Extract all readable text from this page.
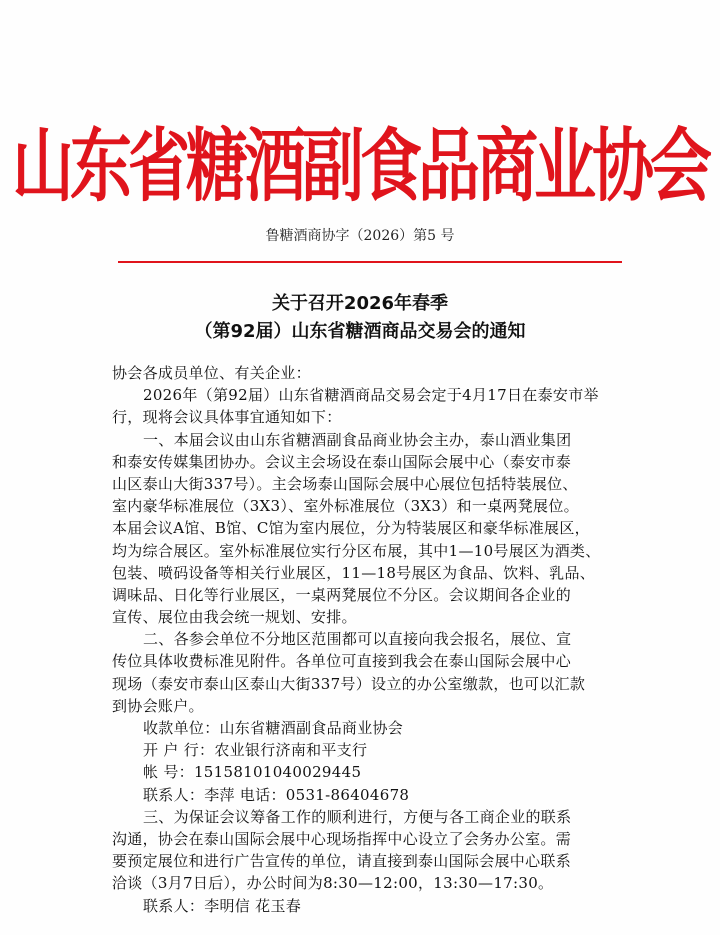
山东省糖酒副食品商业协会
鲁糖酒商协字（2026）第5 号
关于召开2026年春季
（第92届）山东省糖酒商品交易会的通知
协会各成员单位、有关企业：
2026年（第92届）山东省糖酒商品交易会定于4月17日在泰安市举
行，现将会议具体事宜通知如下：
一、本届会议由山东省糖酒副食品商业协会主办，泰山酒业集团
和泰安传媒集团协办。会议主会场设在泰山国际会展中心（泰安市泰
山区泰山大街337号）。主会场泰山国际会展中心展位包括特装展位、
室内豪华标准展位（3X3）、室外标准展位（3X3）和一桌两凳展位。
本届会议A馆、B馆、C馆为室内展位，分为特装展区和豪华标准展区，
均为综合展区。室外标准展位实行分区布展，其中1—10号展区为酒类、
包装、喷码设备等相关行业展区，11—18号展区为食品、饮料、乳品、
调味品、日化等行业展区，一桌两凳展位不分区。会议期间各企业的
宣传、展位由我会统一规划、安排。
二、各参会单位不分地区范围都可以直接向我会报名，展位、宣
传位具体收费标准见附件。各单位可直接到我会在泰山国际会展中心
现场（泰安市泰山区泰山大街337号）设立的办公室缴款，也可以汇款
到协会账户。
收款单位：山东省糖酒副食品商业协会
开 户 行：农业银行济南和平支行
帐 号：15158101040029445
联系人：李萍 电话：0531-86404678
三、为保证会议筹备工作的顺利进行，方便与各工商企业的联系
沟通，协会在泰山国际会展中心现场指挥中心设立了会务办公室。需
要预定展位和进行广告宣传的单位，请直接到泰山国际会展中心联系
洽谈（3月7日后），办公时间为8:30—12:00，13:30—17:30。
联系人：李明信 花玉春
